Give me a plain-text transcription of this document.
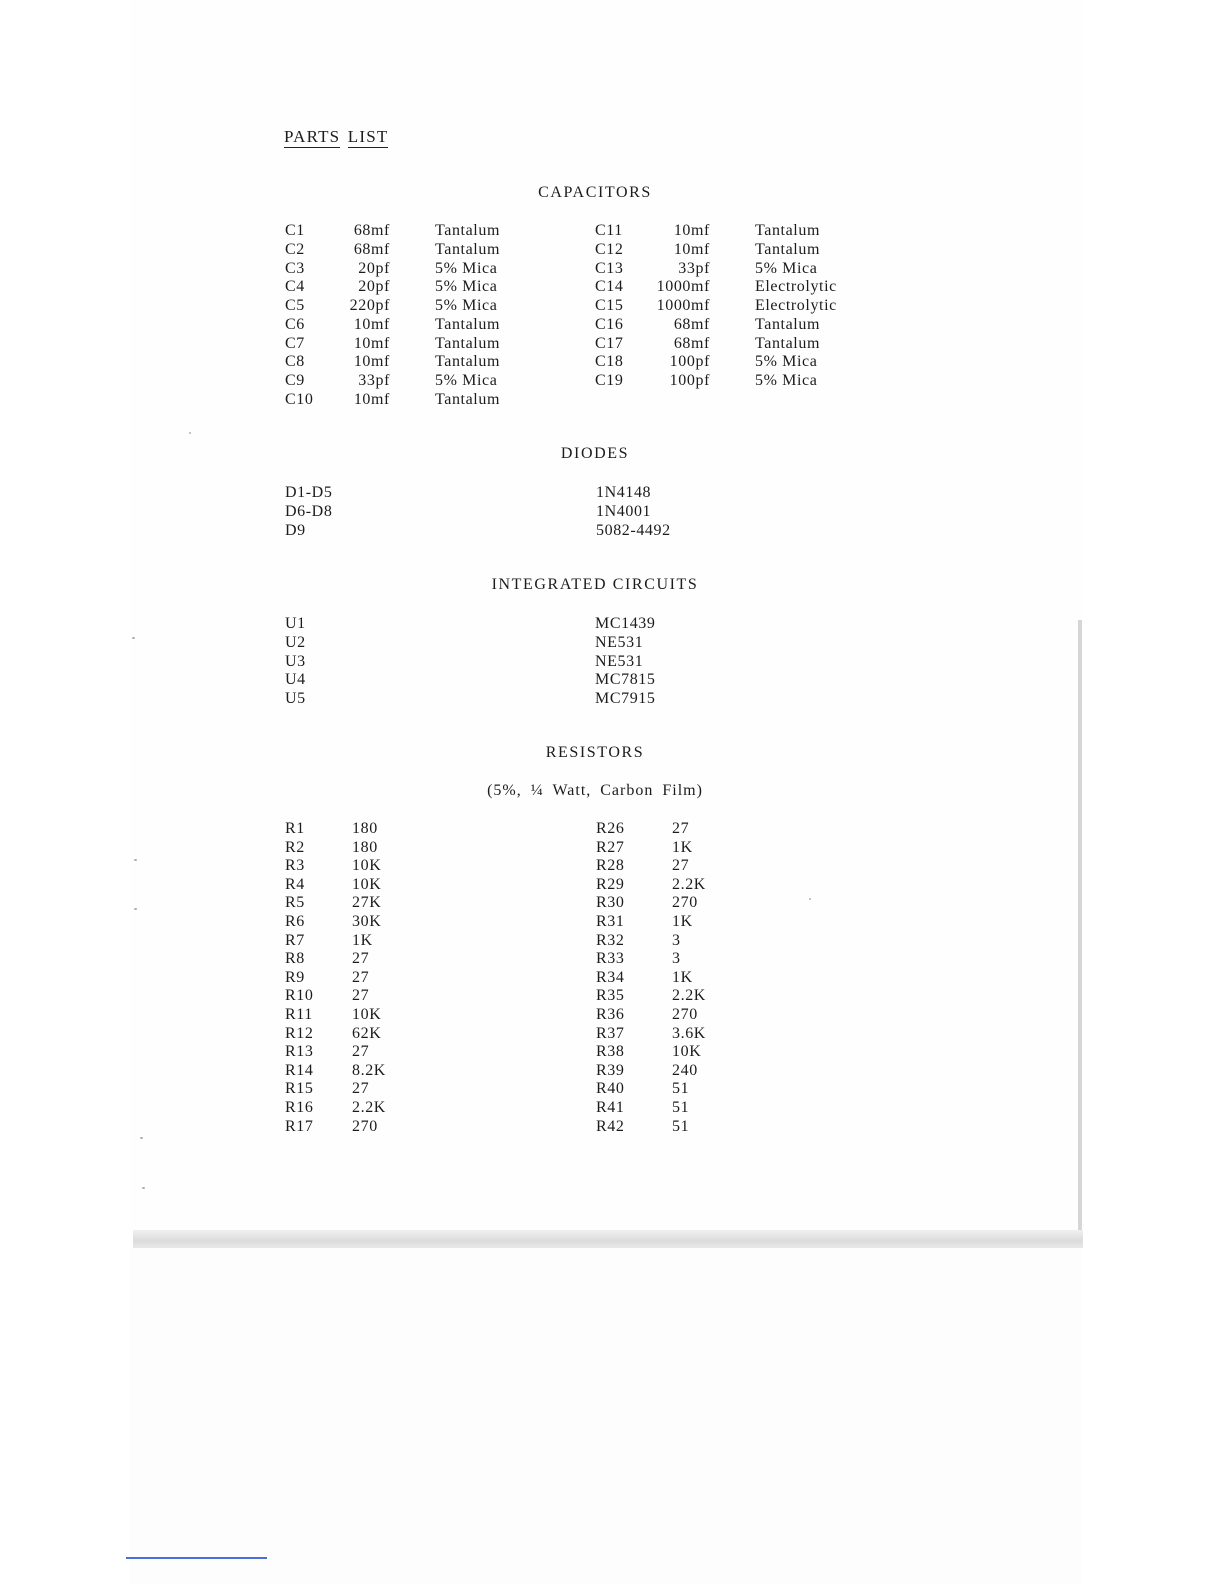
PARTS LIST
CAPACITORS
C1	68mf	Tantalum
C2	68mf	Tantalum
C3	20pf	5% Mica
C4	20pf	5% Mica
C5	220pf	5% Mica
C6	10mf	Tantalum
C7	10mf	Tantalum
C8	10mf	Tantalum
C9	33pf	5% Mica
C10	10mf	Tantalum
C11	10mf	Tantalum
C12	10mf	Tantalum
C13	33pf	5% Mica
C14	1000mf	Electrolytic
C15	1000mf	Electrolytic
C16	68mf	Tantalum
C17	68mf	Tantalum
C18	100pf	5% Mica
C19	100pf	5% Mica
DIODES
D1-D5	1N4148
D6-D8	1N4001
D9	5082-4492
INTEGRATED CIRCUITS
U1	MC1439
U2	NE531
U3	NE531
U4	MC7815
U5	MC7915
RESISTORS
(5%, ¼ Watt, Carbon Film)
R1	180
R2	180
R3	10K
R4	10K
R5	27K
R6	30K
R7	1K
R8	27
R9	27
R10 27
R11 10K
R12 62K
R13 27
R14 8.2K
R15 27
R16 2.2K
R17 270
R26	27
R27	1K
R28	27
R29	2.2K
R30	270
R31	1K
R32	3
R33	3
R34	1K
R35	2.2K
R36	270
R37	3.6K
R38	10K
R39	240
R40	51
R41	51
R42	51
